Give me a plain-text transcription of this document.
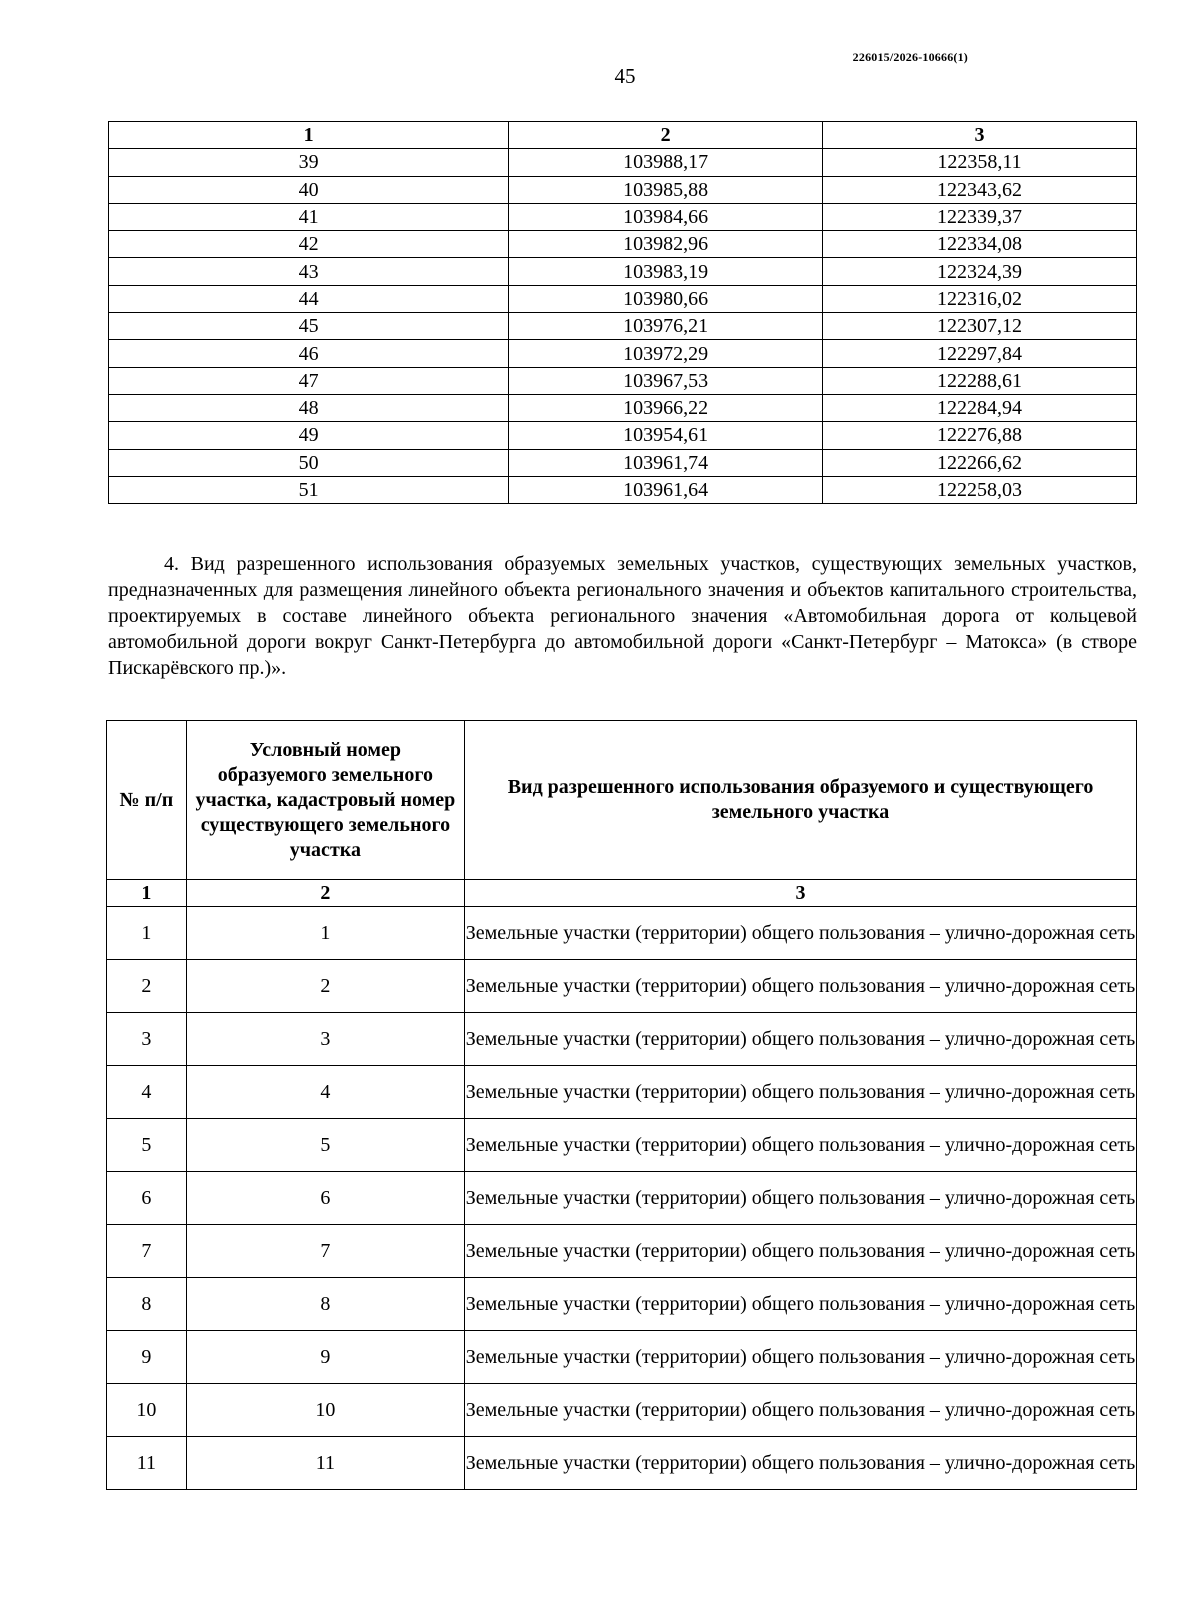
226015/2026-10666(1)
45
1	2	3
39	103988,17	122358,11
40	103985,88	122343,62
41	103984,66	122339,37
42	103982,96	122334,08
43	103983,19	122324,39
44	103980,66	122316,02
45	103976,21	122307,12
46	103972,29	122297,84
47	103967,53	122288,61
48	103966,22	122284,94
49	103954,61	122276,88
50	103961,74	122266,62
51	103961,64	122258,03

4. Вид разрешенного использования образуемых земельных участков, существующих земельных участков, предназначенных для размещения линейного объекта регионального значения и объектов капитального строительства, проектируемых в составе линейного объекта регионального значения «Автомобильная дорога от кольцевой автомобильной дороги вокруг Санкт-Петербурга до автомобильной дороги «Санкт-Петербург – Матокса» (в створе Пискарёвского пр.)».

№ п/п	Условный номер образуемого земельного участка, кадастровый номер существующего земельного участка	Вид разрешенного использования образуемого и существующего земельного участка

1	2	3
1	1	Земельные участки (территории) общего пользования – улично-дорожная сеть
2	2	Земельные участки (территории) общего пользования – улично-дорожная сеть
3	3	Земельные участки (территории) общего пользования – улично-дорожная сеть
4	4	Земельные участки (территории) общего пользования – улично-дорожная сеть
5	5	Земельные участки (территории) общего пользования – улично-дорожная сеть
6	6	Земельные участки (территории) общего пользования – улично-дорожная сеть
7	7	Земельные участки (территории) общего пользования – улично-дорожная сеть
8	8	Земельные участки (территории) общего пользования – улично-дорожная сеть
9	9	Земельные участки (территории) общего пользования – улично-дорожная сеть
10	10	Земельные участки (территории) общего пользования – улично-дорожная сеть
11	11	Земельные участки (территории) общего пользования – улично-дорожная сеть
